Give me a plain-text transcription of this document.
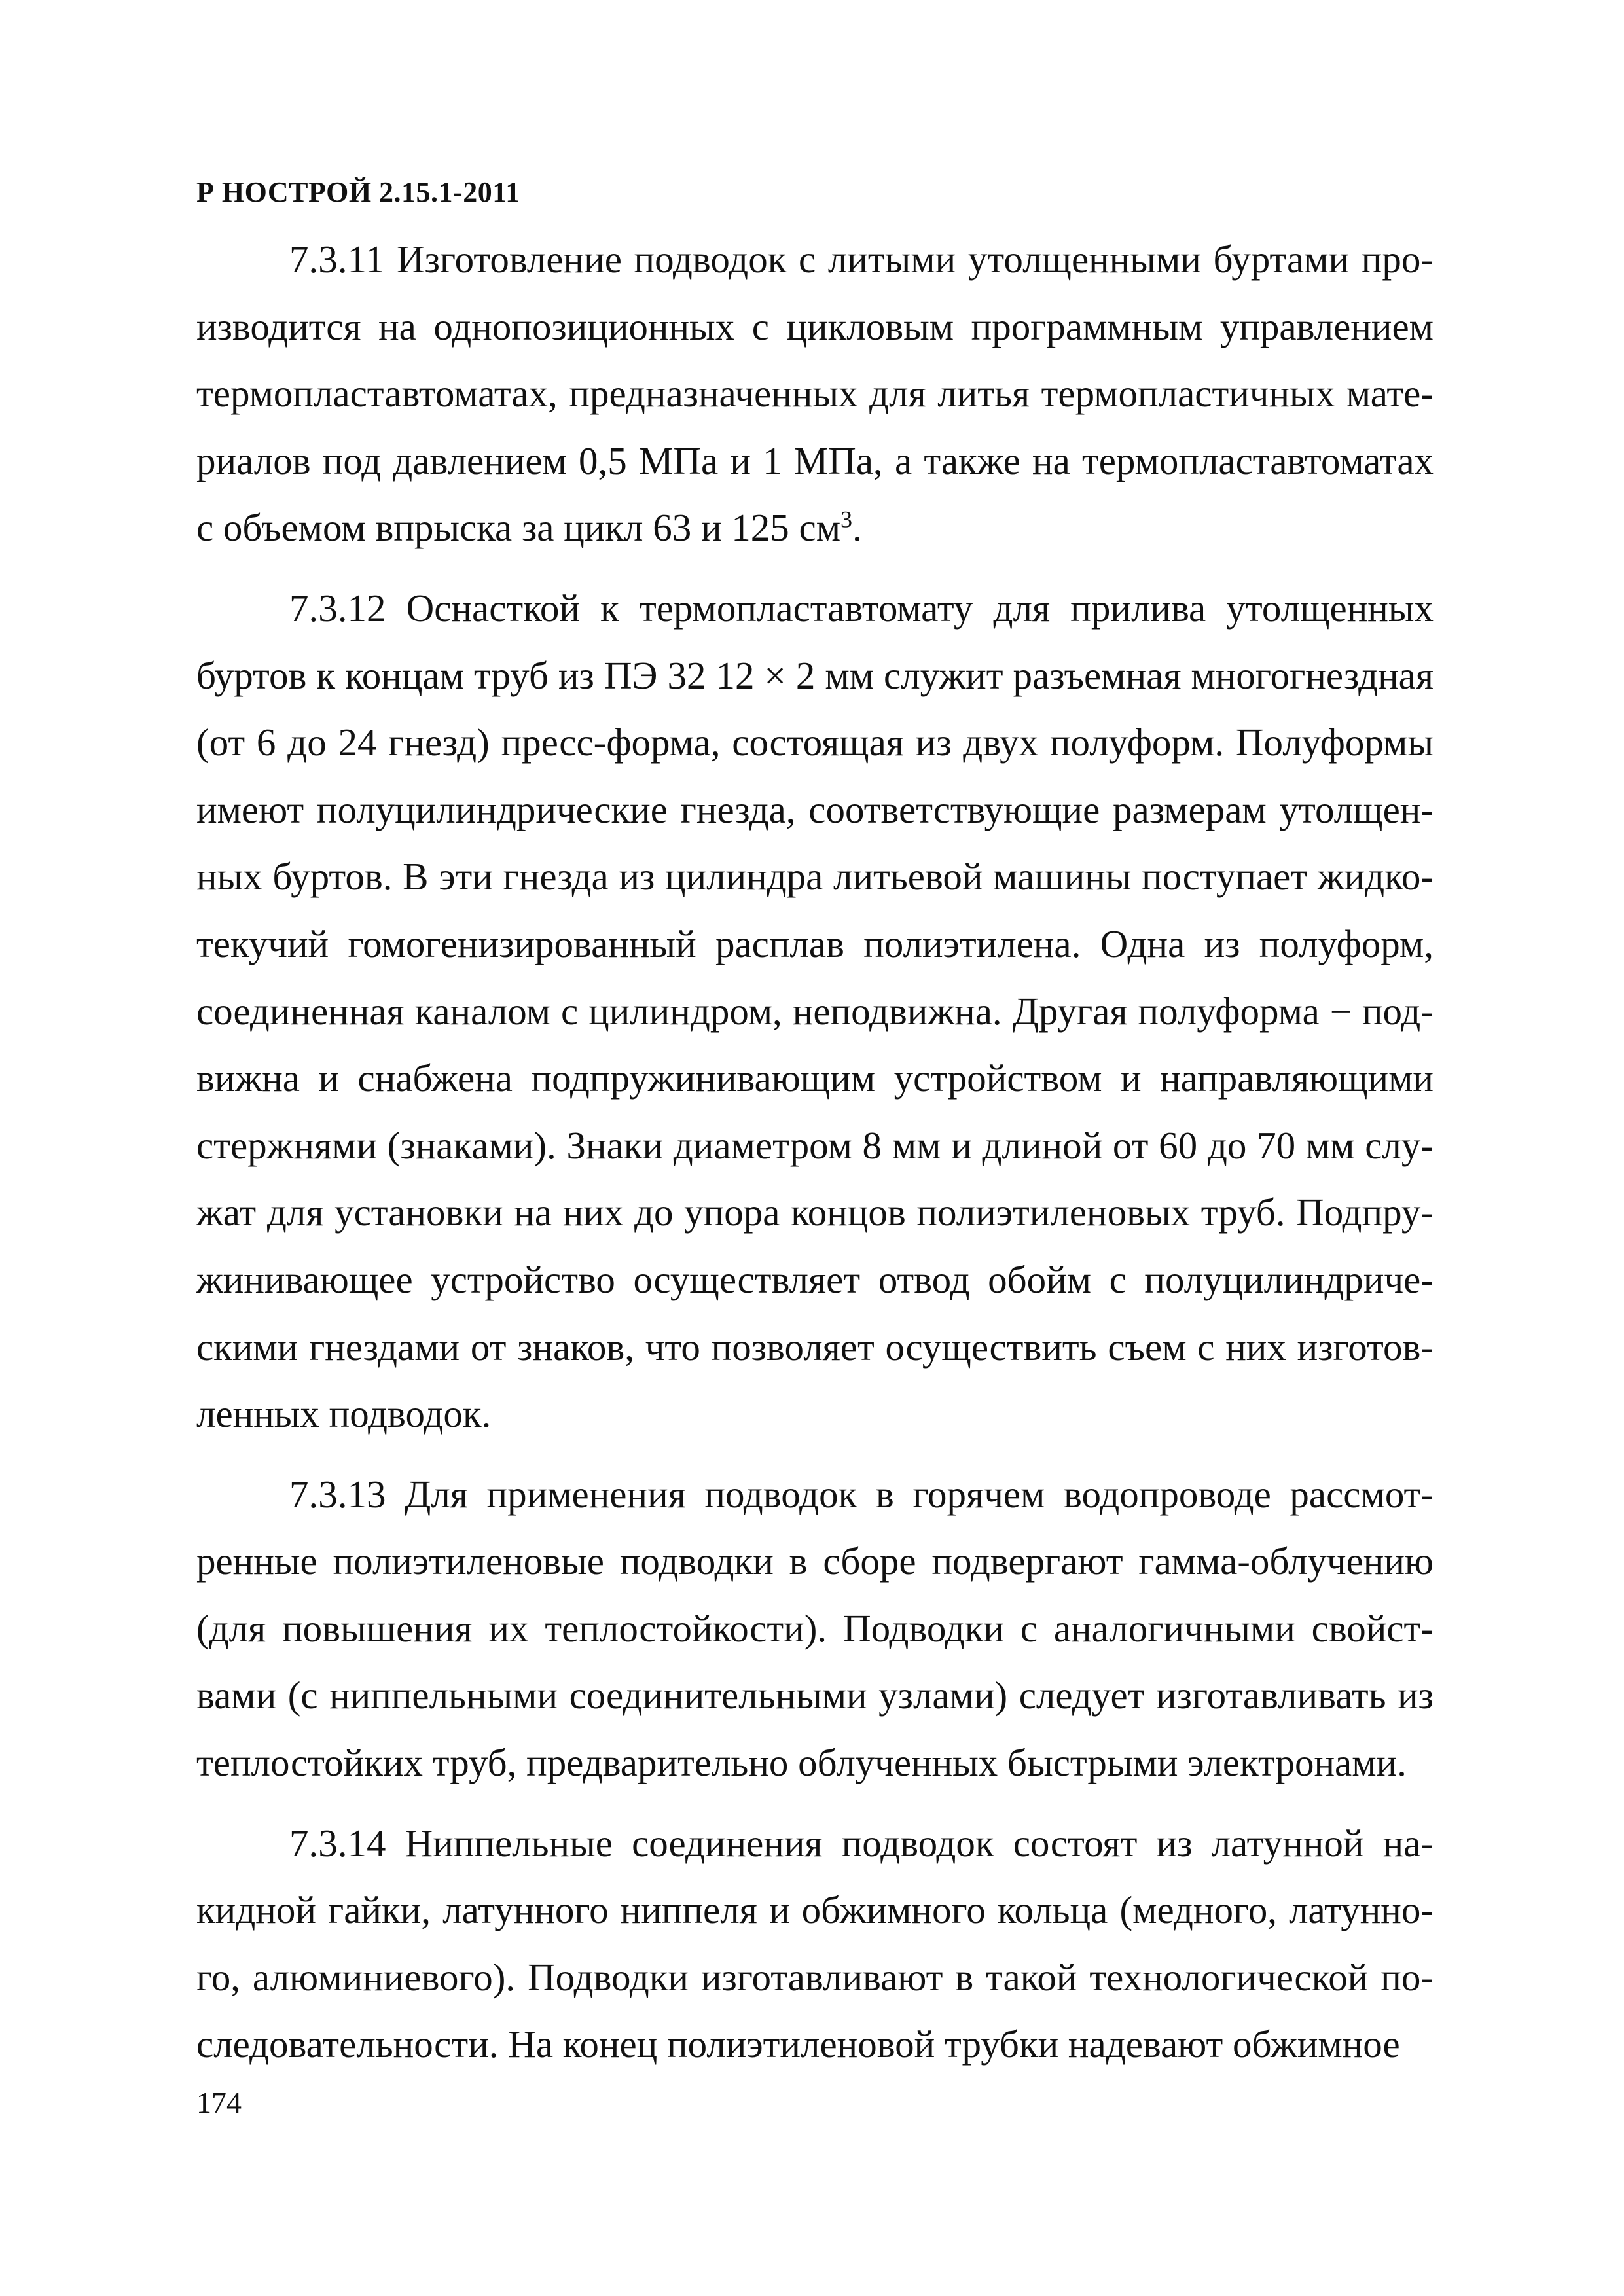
Р НОСТРОЙ 2.15.1-2011

7.3.11 Изготовление подводок с литыми утолщенными буртами производится на однопозиционных с цикловым программным управлением термопластавтоматах, предназначенных для литья термопластичных материалов под давлением 0,5 МПа и 1 МПа, а также на термопластавтоматах с объемом впрыска за цикл 63 и 125 $см^3$.

7.3.12 Оснасткой к термопластавтомату для прилива утолщенных буртов к концам труб из ПЭ 32 12 × 2 мм служит разъемная многогнездная (от 6 до 24 гнезд) пресс-форма, состоящая из двух полуформ. Полуформы имеют полуцилиндрические гнезда, соответствующие размерам утолщенных буртов. В эти гнезда из цилиндра литьевой машины поступает жидкотекучий гомогенизированный расплав полиэтилена. Одна из полуформ, соединенная каналом с цилиндром, неподвижна. Другая полуформа − подвижна и снабжена подпружинивающим устройством и направляющими стержнями (знаками). Знаки диаметром 8 мм и длиной от 60 до 70 мм служат для установки на них до упора концов полиэтиленовых труб. Подпружинивающее устройство осуществляет отвод обойм с полуцилиндрическими гнездами от знаков, что позволяет осуществить съем с них изготовленных подводок.

7.3.13 Для применения подводок в горячем водопроводе рассмотренные полиэтиленовые подводки в сборе подвергают гамма-облучению (для повышения их теплостойкости). Подводки с аналогичными свойствами (с ниппельными соединительными узлами) следует изготавливать из теплостойких труб, предварительно облученных быстрыми электронами.

7.3.14 Ниппельные соединения подводок состоят из латунной накидной гайки, латунного ниппеля и обжимного кольца (медного, латунного, алюминиевого). Подводки изготавливают в такой технологической последовательности. На конец полиэтиленовой трубки надевают обжимное

174
